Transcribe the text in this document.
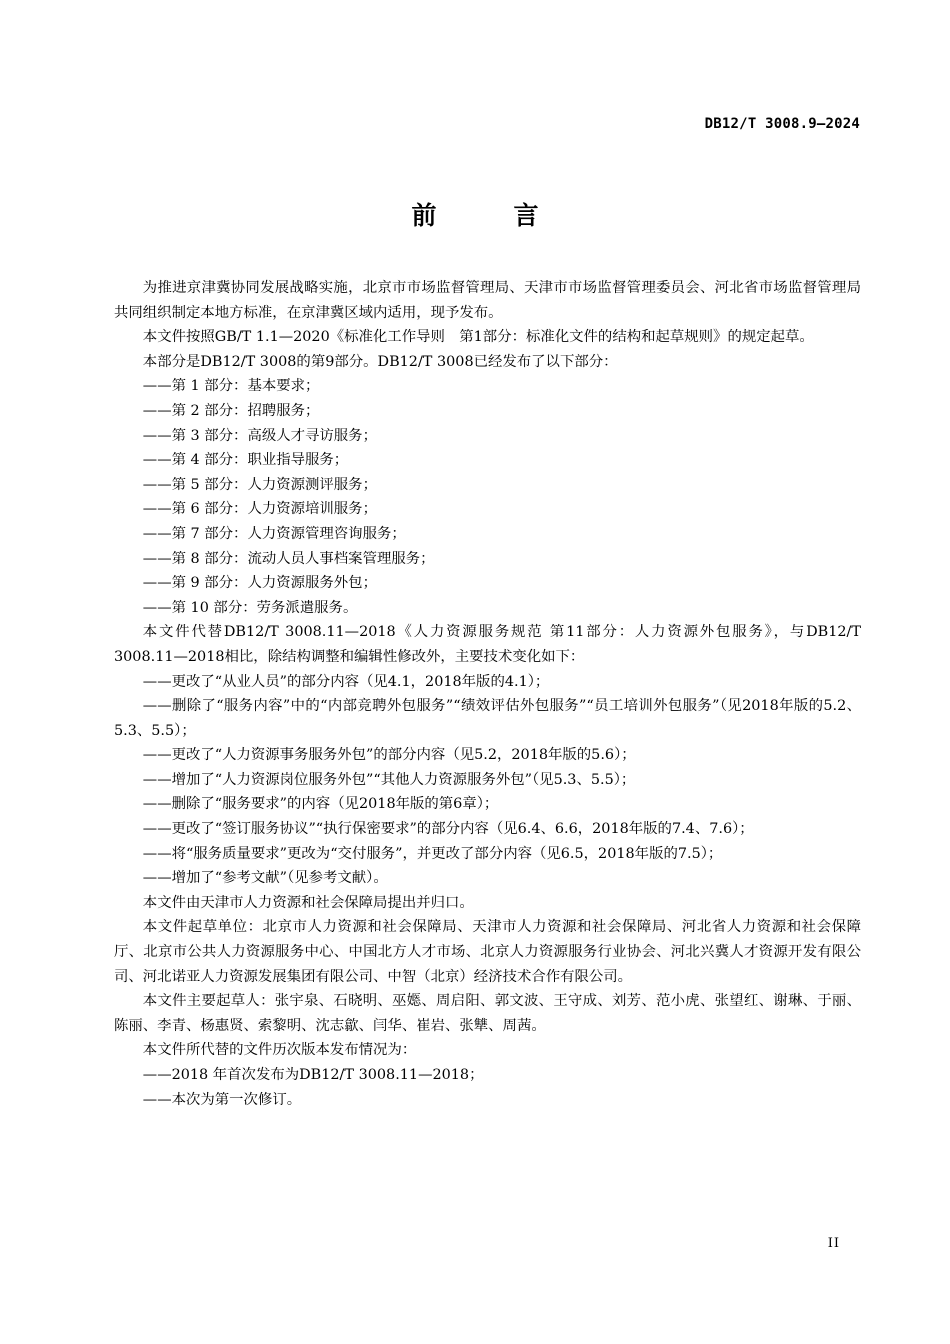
DB12/T 3008.9—2024
前　言

为推进京津冀协同发展战略实施，北京市市场监督管理局、天津市市场监督管理委员会、河北省市场监督管理局共同组织制定本地方标准，在京津冀区域内适用，现予发布。

本文件按照GB/T 1.1—2020《标准化工作导则　第1部分：标准化文件的结构和起草规则》的规定起草。

本部分是DB12/T 3008的第9部分。DB12/T 3008已经发布了以下部分：

——第 1 部分：基本要求；

——第 2 部分：招聘服务；

——第 3 部分：高级人才寻访服务；

——第 4 部分：职业指导服务；

——第 5 部分：人力资源测评服务；

——第 6 部分：人力资源培训服务；

——第 7 部分：人力资源管理咨询服务；

——第 8 部分：流动人员人事档案管理服务；

——第 9 部分：人力资源服务外包；

——第 10 部分：劳务派遣服务。

本文件代替DB12/T 3008.11—2018《人力资源服务规范 第11部分：人力资源外包服务》，与DB12/T 3008.11—2018相比，除结构调整和编辑性修改外，主要技术变化如下：

——更改了“从业人员”的部分内容（见4.1，2018年版的4.1）；

——删除了“服务内容”中的“内部竞聘外包服务”“绩效评估外包服务”“员工培训外包服务”（见2018年版的5.2、5.3、5.5）；

——更改了“人力资源事务服务外包”的部分内容（见5.2，2018年版的5.6）；

——增加了“人力资源岗位服务外包”“其他人力资源服务外包”（见5.3、5.5）；

——删除了“服务要求”的内容（见2018年版的第6章）；

——更改了“签订服务协议”“执行保密要求”的部分内容（见6.4、6.6，2018年版的7.4、7.6）；

——将“服务质量要求”更改为“交付服务”，并更改了部分内容（见6.5，2018年版的7.5）；

——增加了“参考文献”（见参考文献）。

本文件由天津市人力资源和社会保障局提出并归口。

本文件起草单位：北京市人力资源和社会保障局、天津市人力资源和社会保障局、河北省人力资源和社会保障厅、北京市公共人力资源服务中心、中国北方人才市场、北京人力资源服务行业协会、河北兴冀人才资源开发有限公司、河北诺亚人力资源发展集团有限公司、中智（北京）经济技术合作有限公司。

本文件主要起草人：张宇泉、石晓明、巫嫕、周启阳、郭文波、王守成、刘芳、范小虎、张望红、谢琳、于丽、陈丽、李青、杨惠贤、索黎明、沈志歙、闫华、崔岩、张犨、周茜。

本文件所代替的文件历次版本发布情况为：

——2018 年首次发布为DB12/T 3008.11—2018；

——本次为第一次修订。

II
